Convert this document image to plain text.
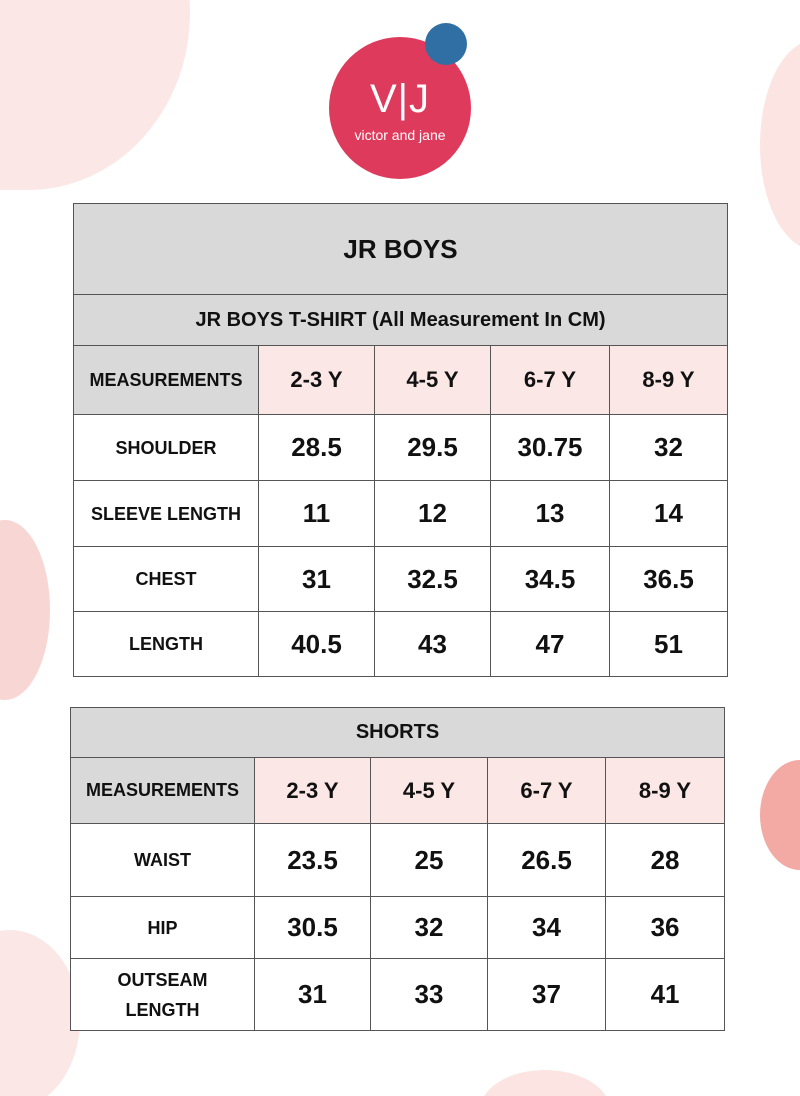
V|J
victor and jane
JR BOYS				
JR BOYS T-SHIRT (All Measurement In CM)				
MEASUREMENTS	2-3 Y	4-5 Y	6-7 Y	8-9 Y
SHOULDER	28.5	29.5	30.75	32
SLEEVE LENGTH	11	12	13	14
CHEST	31	32.5	34.5	36.5
LENGTH	40.5	43	47	51
SHORTS				
MEASUREMENTS	2-3 Y	4-5 Y	6-7 Y	8-9 Y
WAIST	23.5	25	26.5	28
HIP	30.5	32	34	36
OUTSEAM
LENGTH	31	33	37	41
